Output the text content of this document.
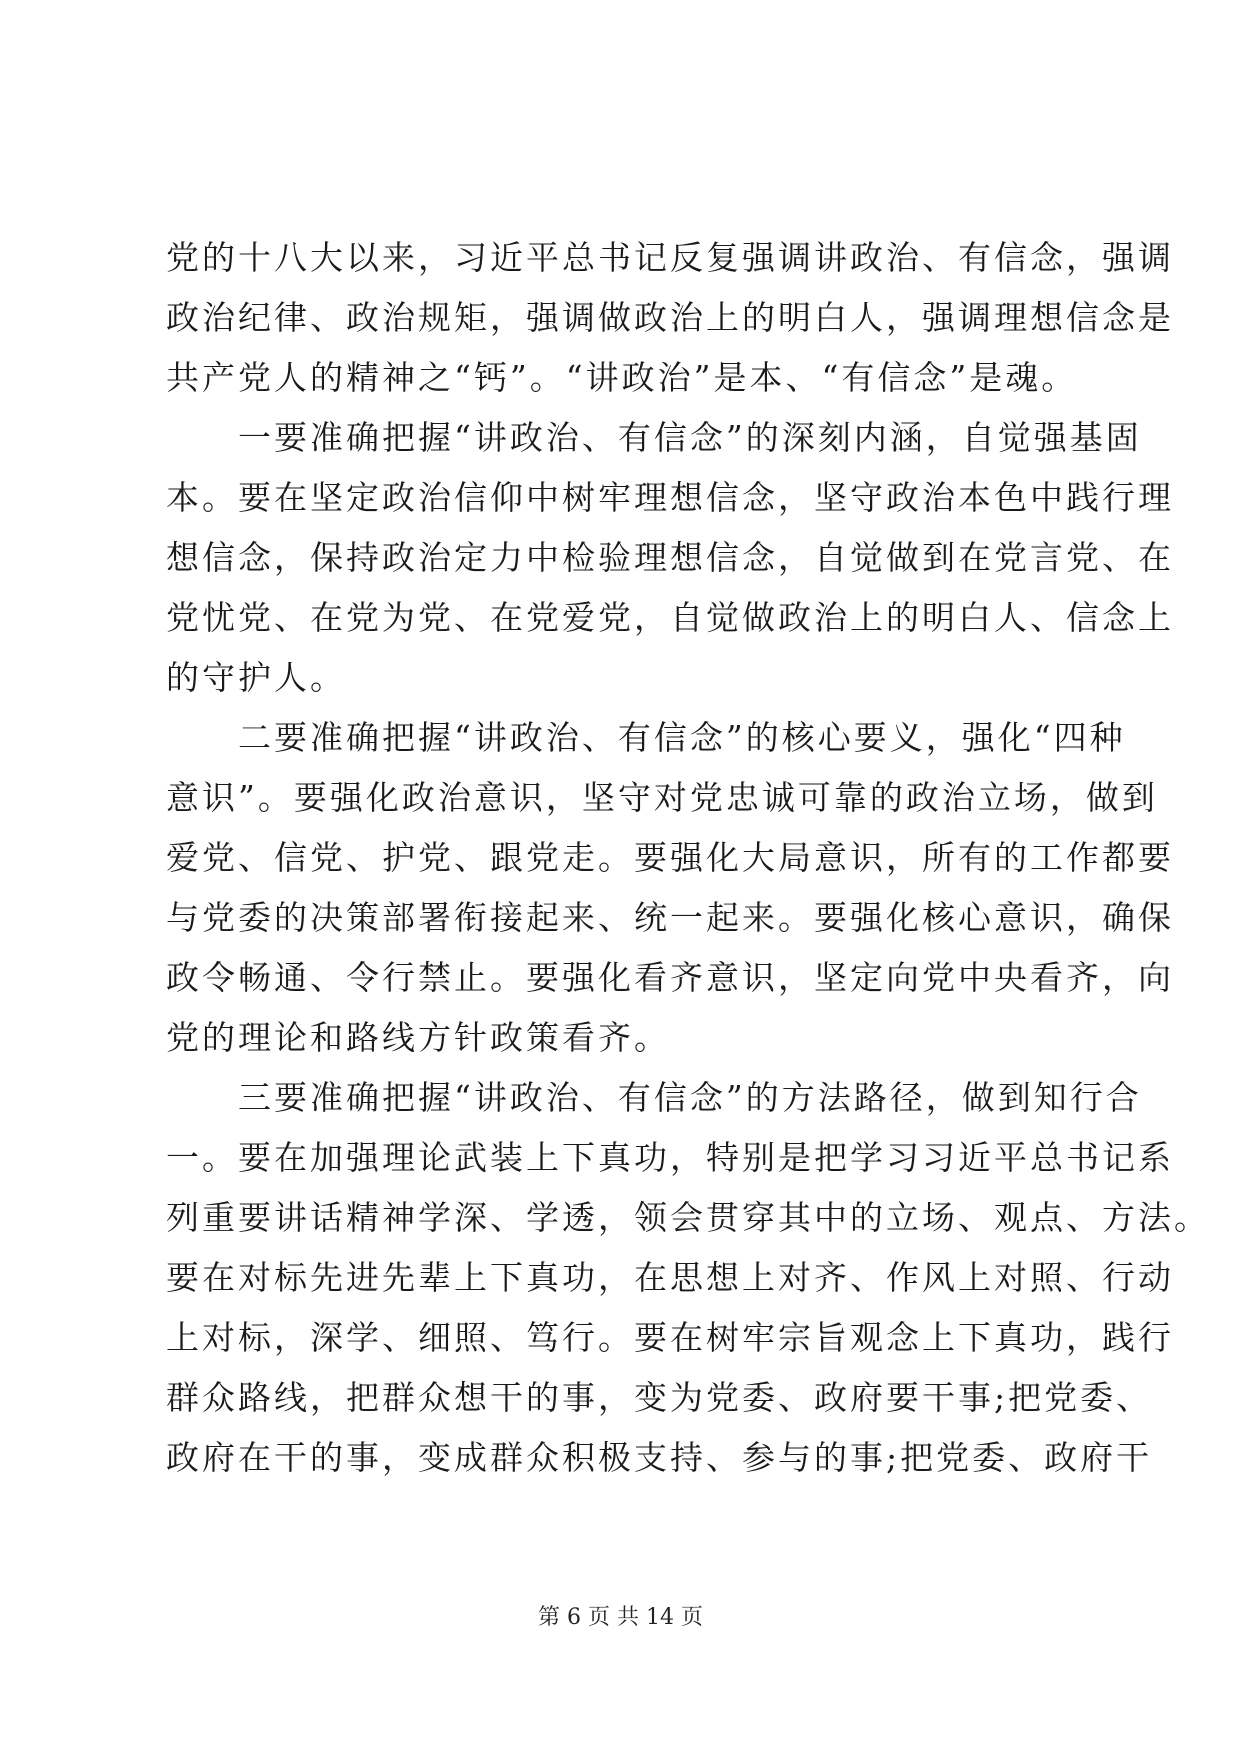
党的十八大以来，习近平总书记反复强调讲政治、有信念，强调
政治纪律、政治规矩，强调做政治上的明白人，强调理想信念是
共产党人的精神之“钙”。“讲政治”是本、“有信念”是魂。
　　一要准确把握“讲政治、有信念”的深刻内涵，自觉强基固
本。要在坚定政治信仰中树牢理想信念，坚守政治本色中践行理
想信念，保持政治定力中检验理想信念，自觉做到在党言党、在
党忧党、在党为党、在党爱党，自觉做政治上的明白人、信念上
的守护人。
　　二要准确把握“讲政治、有信念”的核心要义，强化“四种
意识”。要强化政治意识，坚守对党忠诚可靠的政治立场，做到
爱党、信党、护党、跟党走。要强化大局意识，所有的工作都要
与党委的决策部署衔接起来、统一起来。要强化核心意识，确保
政令畅通、令行禁止。要强化看齐意识，坚定向党中央看齐，向
党的理论和路线方针政策看齐。
　　三要准确把握“讲政治、有信念”的方法路径，做到知行合
一。要在加强理论武装上下真功，特别是把学习习近平总书记系
列重要讲话精神学深、学透，领会贯穿其中的立场、观点、方法。
要在对标先进先辈上下真功，在思想上对齐、作风上对照、行动
上对标，深学、细照、笃行。要在树牢宗旨观念上下真功，践行
群众路线，把群众想干的事，变为党委、政府要干事;把党委、
政府在干的事，变成群众积极支持、参与的事;把党委、政府干
第 6 页 共 14 页
